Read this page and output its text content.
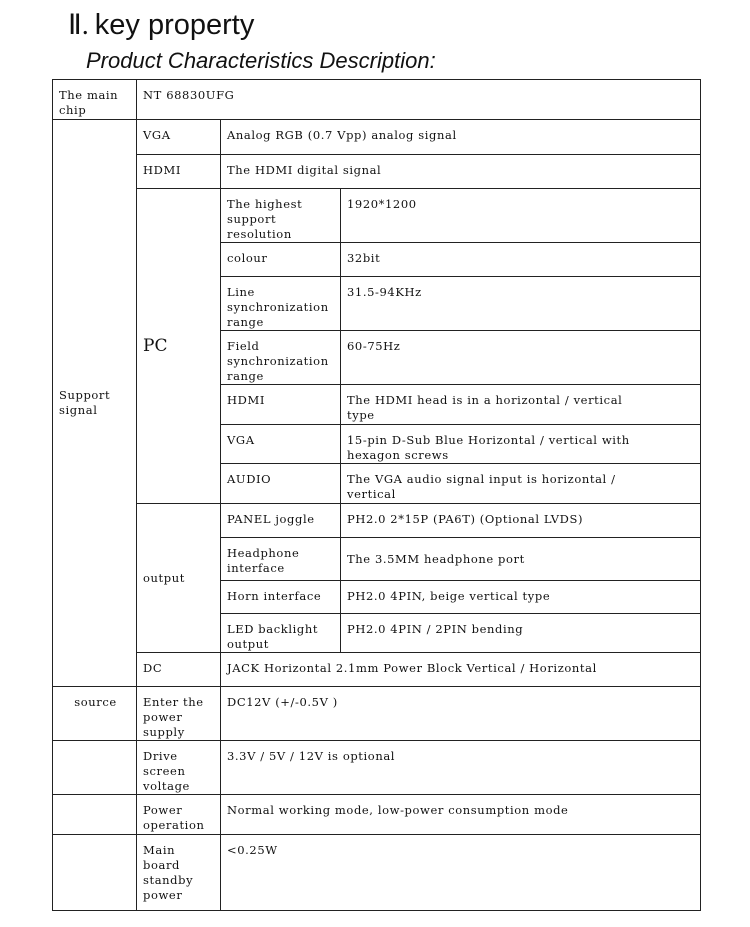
Ⅱ. key property
Product Characteristics Description:
The main
chip	NT 68830UFG		

Support
signal	VGA	Analog RGB (0.7 Vpp) analog signal	

	HDMI	The HDMI digital signal	

	PC	The highest
support
resolution	1920*1200

		colour	32bit

		Line
synchronization
range	31.5-94KHz

		Field
synchronization
range	60-75Hz

		HDMI	The HDMI head is in a horizontal / vertical
type

		VGA	15-pin D-Sub Blue Horizontal / vertical with
hexagon screws

		AUDIO	The VGA audio signal input is horizontal /
vertical

	output	PANEL joggle	PH2.0 2*15P (PA6T) (Optional LVDS)

		Headphone
interface	The 3.5MM headphone port

		Horn interface	PH2.0 4PIN, beige vertical type

		LED backlight
output	PH2.0 4PIN / 2PIN bending

	DC	JACK Horizontal 2.1mm Power Block Vertical / Horizontal	

source	Enter the
power
supply	DC12V (+/-0.5V )	

	Drive
screen
voltage	3.3V / 5V / 12V is optional	

	Power
operation	Normal working mode, low-power consumption mode	

	Main
board
standby
power	<0.25W	
